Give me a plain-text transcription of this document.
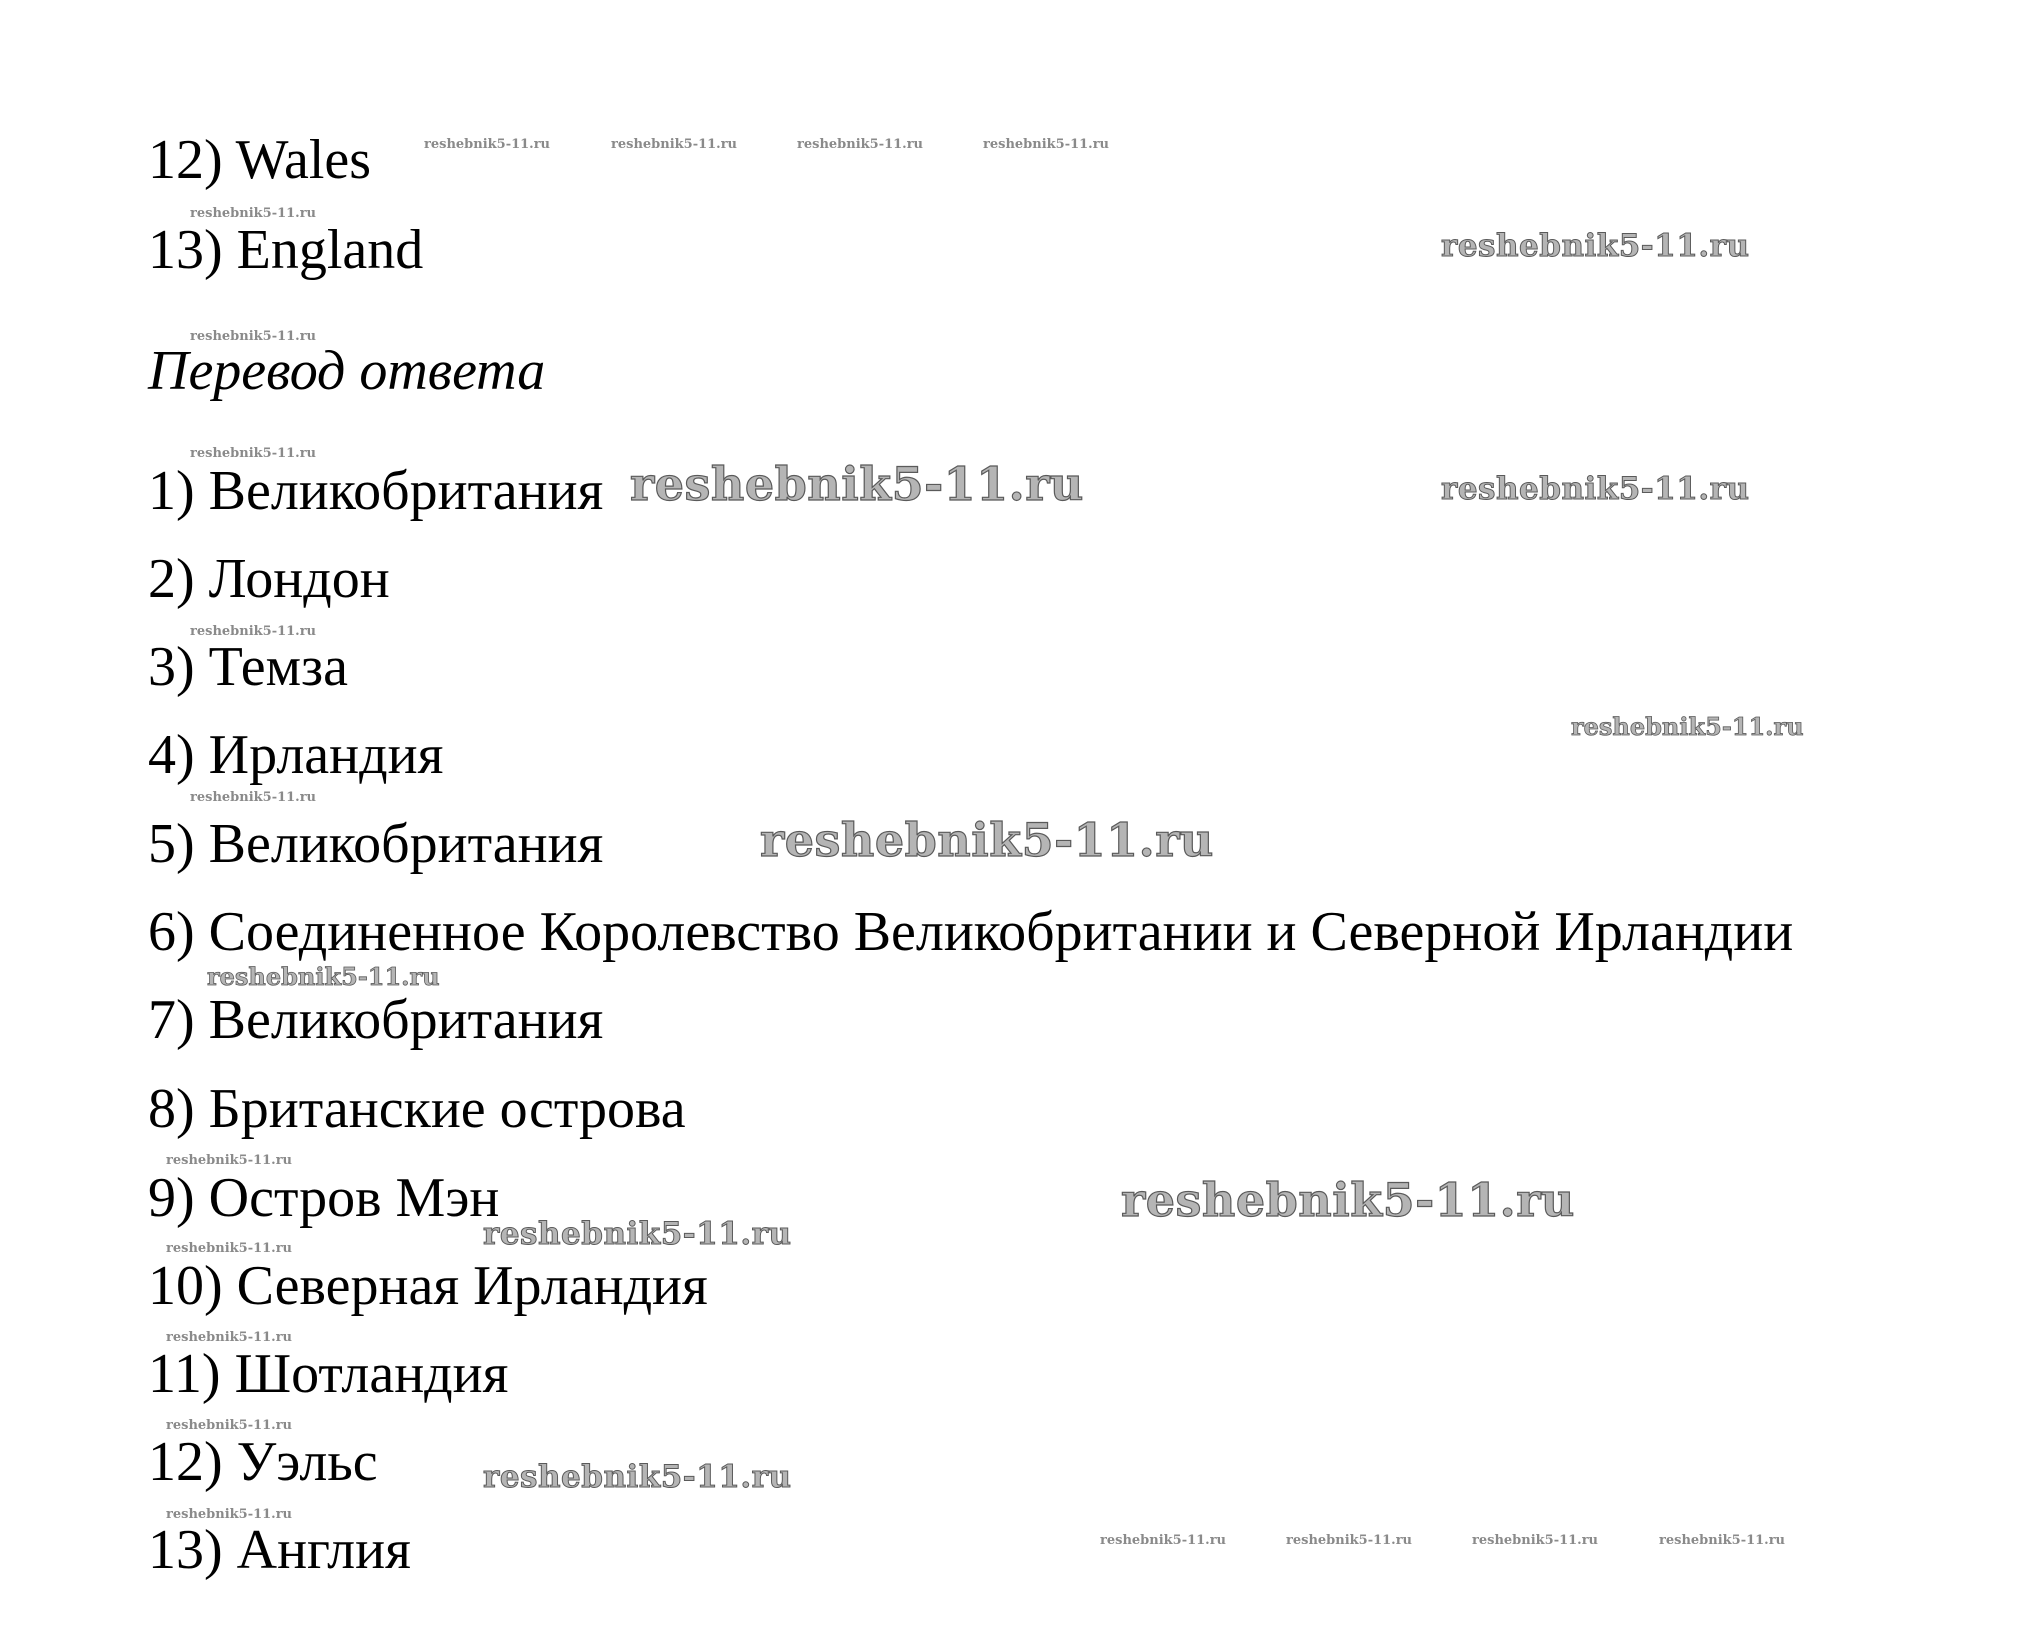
12) Wales
13) England
Перевод ответа
1) Великобритания
2) Лондон
3) Темза
4) Ирландия
5) Великобритания
6) Соединенное Королевство Великобритании и Северной Ирландии
7) Великобритания
8) Британские острова
9) Остров Мэн
10) Северная Ирландия
11) Шотландия
12) Уэльс
13) Англия
reshebnik5-11.ru	reshebnik5-11.ru	reshebnik5-11.ru	reshebnik5-11.ru
reshebnik5-11.ru
reshebnik5-11.ru
reshebnik5-11.ru
reshebnik5-11.ru
reshebnik5-11.ru	reshebnik5-11.ru
reshebnik5-11.ru
reshebnik5-11.ru
reshebnik5-11.ru
reshebnik5-11.ru
reshebnik5-11.ru
reshebnik5-11.ru
reshebnik5-11.ru
reshebnik5-11.ru
reshebnik5-11.ru
reshebnik5-11.ru
reshebnik5-11.ru
reshebnik5-11.ru
reshebnik5-11.ru
reshebnik5-11.ru	reshebnik5-11.ru	reshebnik5-11.ru	reshebnik5-11.ru
